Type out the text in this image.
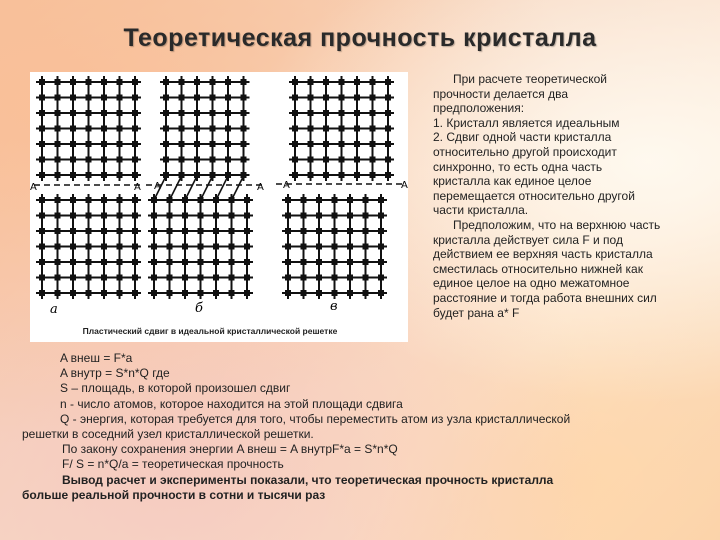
Теоретическая прочность кристалла
а	б	в
А	А А	А А	А
Пластический сдвиг в идеальной кристаллической решетке

При расчете теоретической

прочности делается два

предположения:

1. Кристалл является идеальным

2. Сдвиг одной части кристалла

относительно другой происходит

синхронно, то есть одна часть

кристалла как единое целое

перемещается относительно другой

части кристалла.

Предположим, что на верхнюю часть

кристалла действует сила F и под

действием ее верхняя часть кристалла

сместилась относительно нижней как

единое целое на одно межатомное

расстояние и тогда работа внешних сил

будет рана а* F

A внеш = F*a

A внутр = S*n*Q где

S – площадь, в которой произошел сдвиг

n - число атомов, которое находится на этой площади сдвига

Q - энергия, которая требуется для того, чтобы переместить атом из узла кристаллической

решетки в соседний узел кристаллической решетки.

По закону сохранения энергии A внеш = A внутрF*a = S*n*Q

F/ S = n*Q/a = теоретическая прочность

Вывод расчет и эксперименты показали, что теоретическая прочность кристалла

больше реальной прочности в сотни и тысячи раз
